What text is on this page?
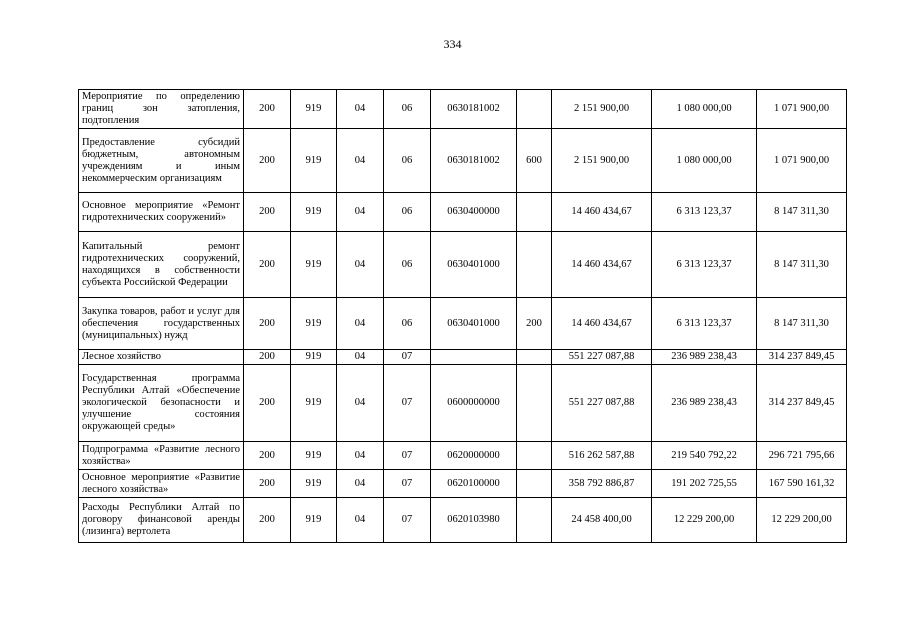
334
Мероприятие по определению границ зон затопления, подтопления	200	919	04	06	0630181002		2 151 900,00	1 080 000,00	1 071 900,00
Предоставление субсидий бюджетным, автономным учреждениям и иным некоммерческим организациям	200	919	04	06	0630181002	600	2 151 900,00	1 080 000,00	1 071 900,00
Основное мероприятие «Ремонт гидротехнических сооружений»	200	919	04	06	0630400000		14 460 434,67	6 313 123,37	8 147 311,30
Капитальный ремонт гидротехнических сооружений, находящихся в собственности субъекта Российской Федерации	200	919	04	06	0630401000		14 460 434,67	6 313 123,37	8 147 311,30
Закупка товаров, работ и услуг для обеспечения государственных (муниципальных) нужд	200	919	04	06	0630401000	200	14 460 434,67	6 313 123,37	8 147 311,30
Лесное хозяйство	200	919	04	07			551 227 087,88	236 989 238,43	314 237 849,45
Государственная программа Республики Алтай «Обеспечение экологической безопасности и улучшение состояния окружающей среды»	200	919	04	07	0600000000		551 227 087,88	236 989 238,43	314 237 849,45
Подпрограмма «Развитие лесного хозяйства»	200	919	04	07	0620000000		516 262 587,88	219 540 792,22	296 721 795,66
Основное мероприятие «Развитие лесного хозяйства»	200	919	04	07	0620100000		358 792 886,87	191 202 725,55	167 590 161,32
Расходы Республики Алтай по договору финансовой аренды (лизинга) вертолета	200	919	04	07	0620103980		24 458 400,00	12 229 200,00	12 229 200,00
